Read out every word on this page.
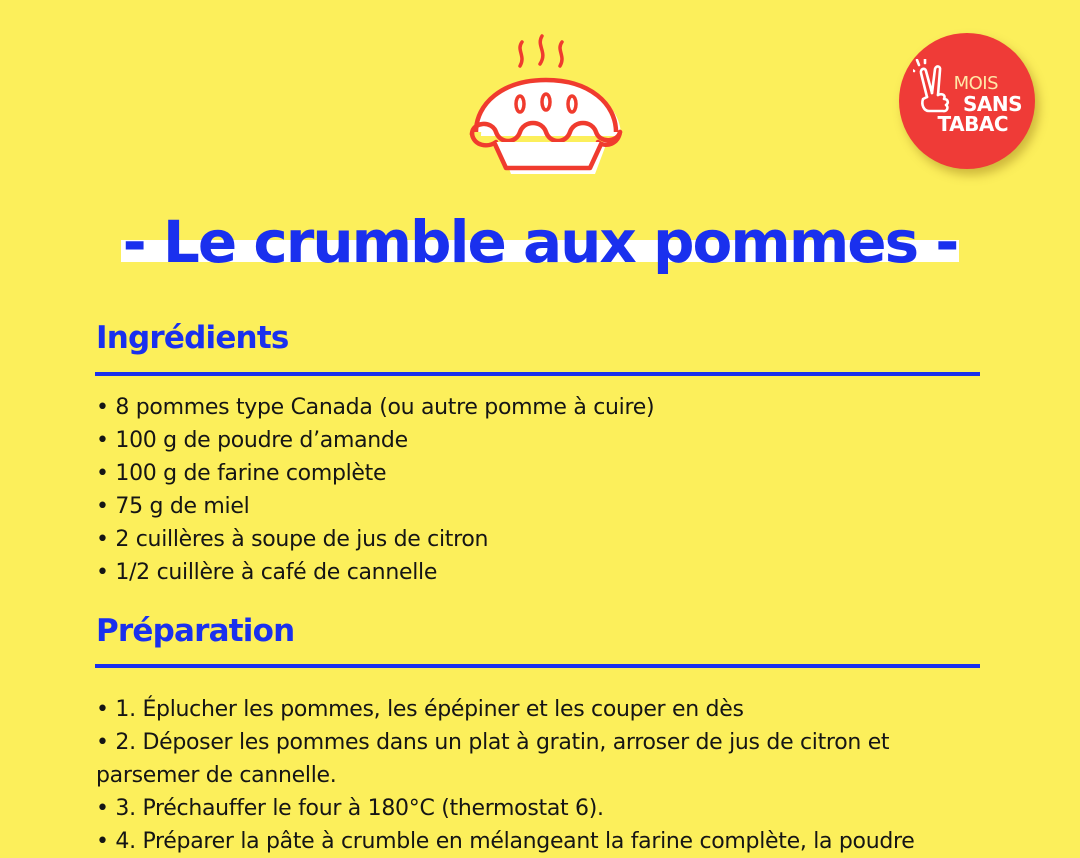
MOIS
SANS
TABAC
- Le crumble aux pommes -
Ingrédients
• 8 pommes type Canada (ou autre pomme à cuire)
• 100 g de poudre d’amande
• 100 g de farine complète
• 75 g de miel
• 2 cuillères à soupe de jus de citron
• 1/2 cuillère à café de cannelle
Préparation
• 1. Éplucher les pommes, les épépiner et les couper en dès
• 2. Déposer les pommes dans un plat à gratin, arroser de jus de citron et parsemer de cannelle.
• 3. Préchauffer le four à 180°C (thermostat 6).
• 4. Préparer la pâte à crumble en mélangeant la farine complète, la poudre
